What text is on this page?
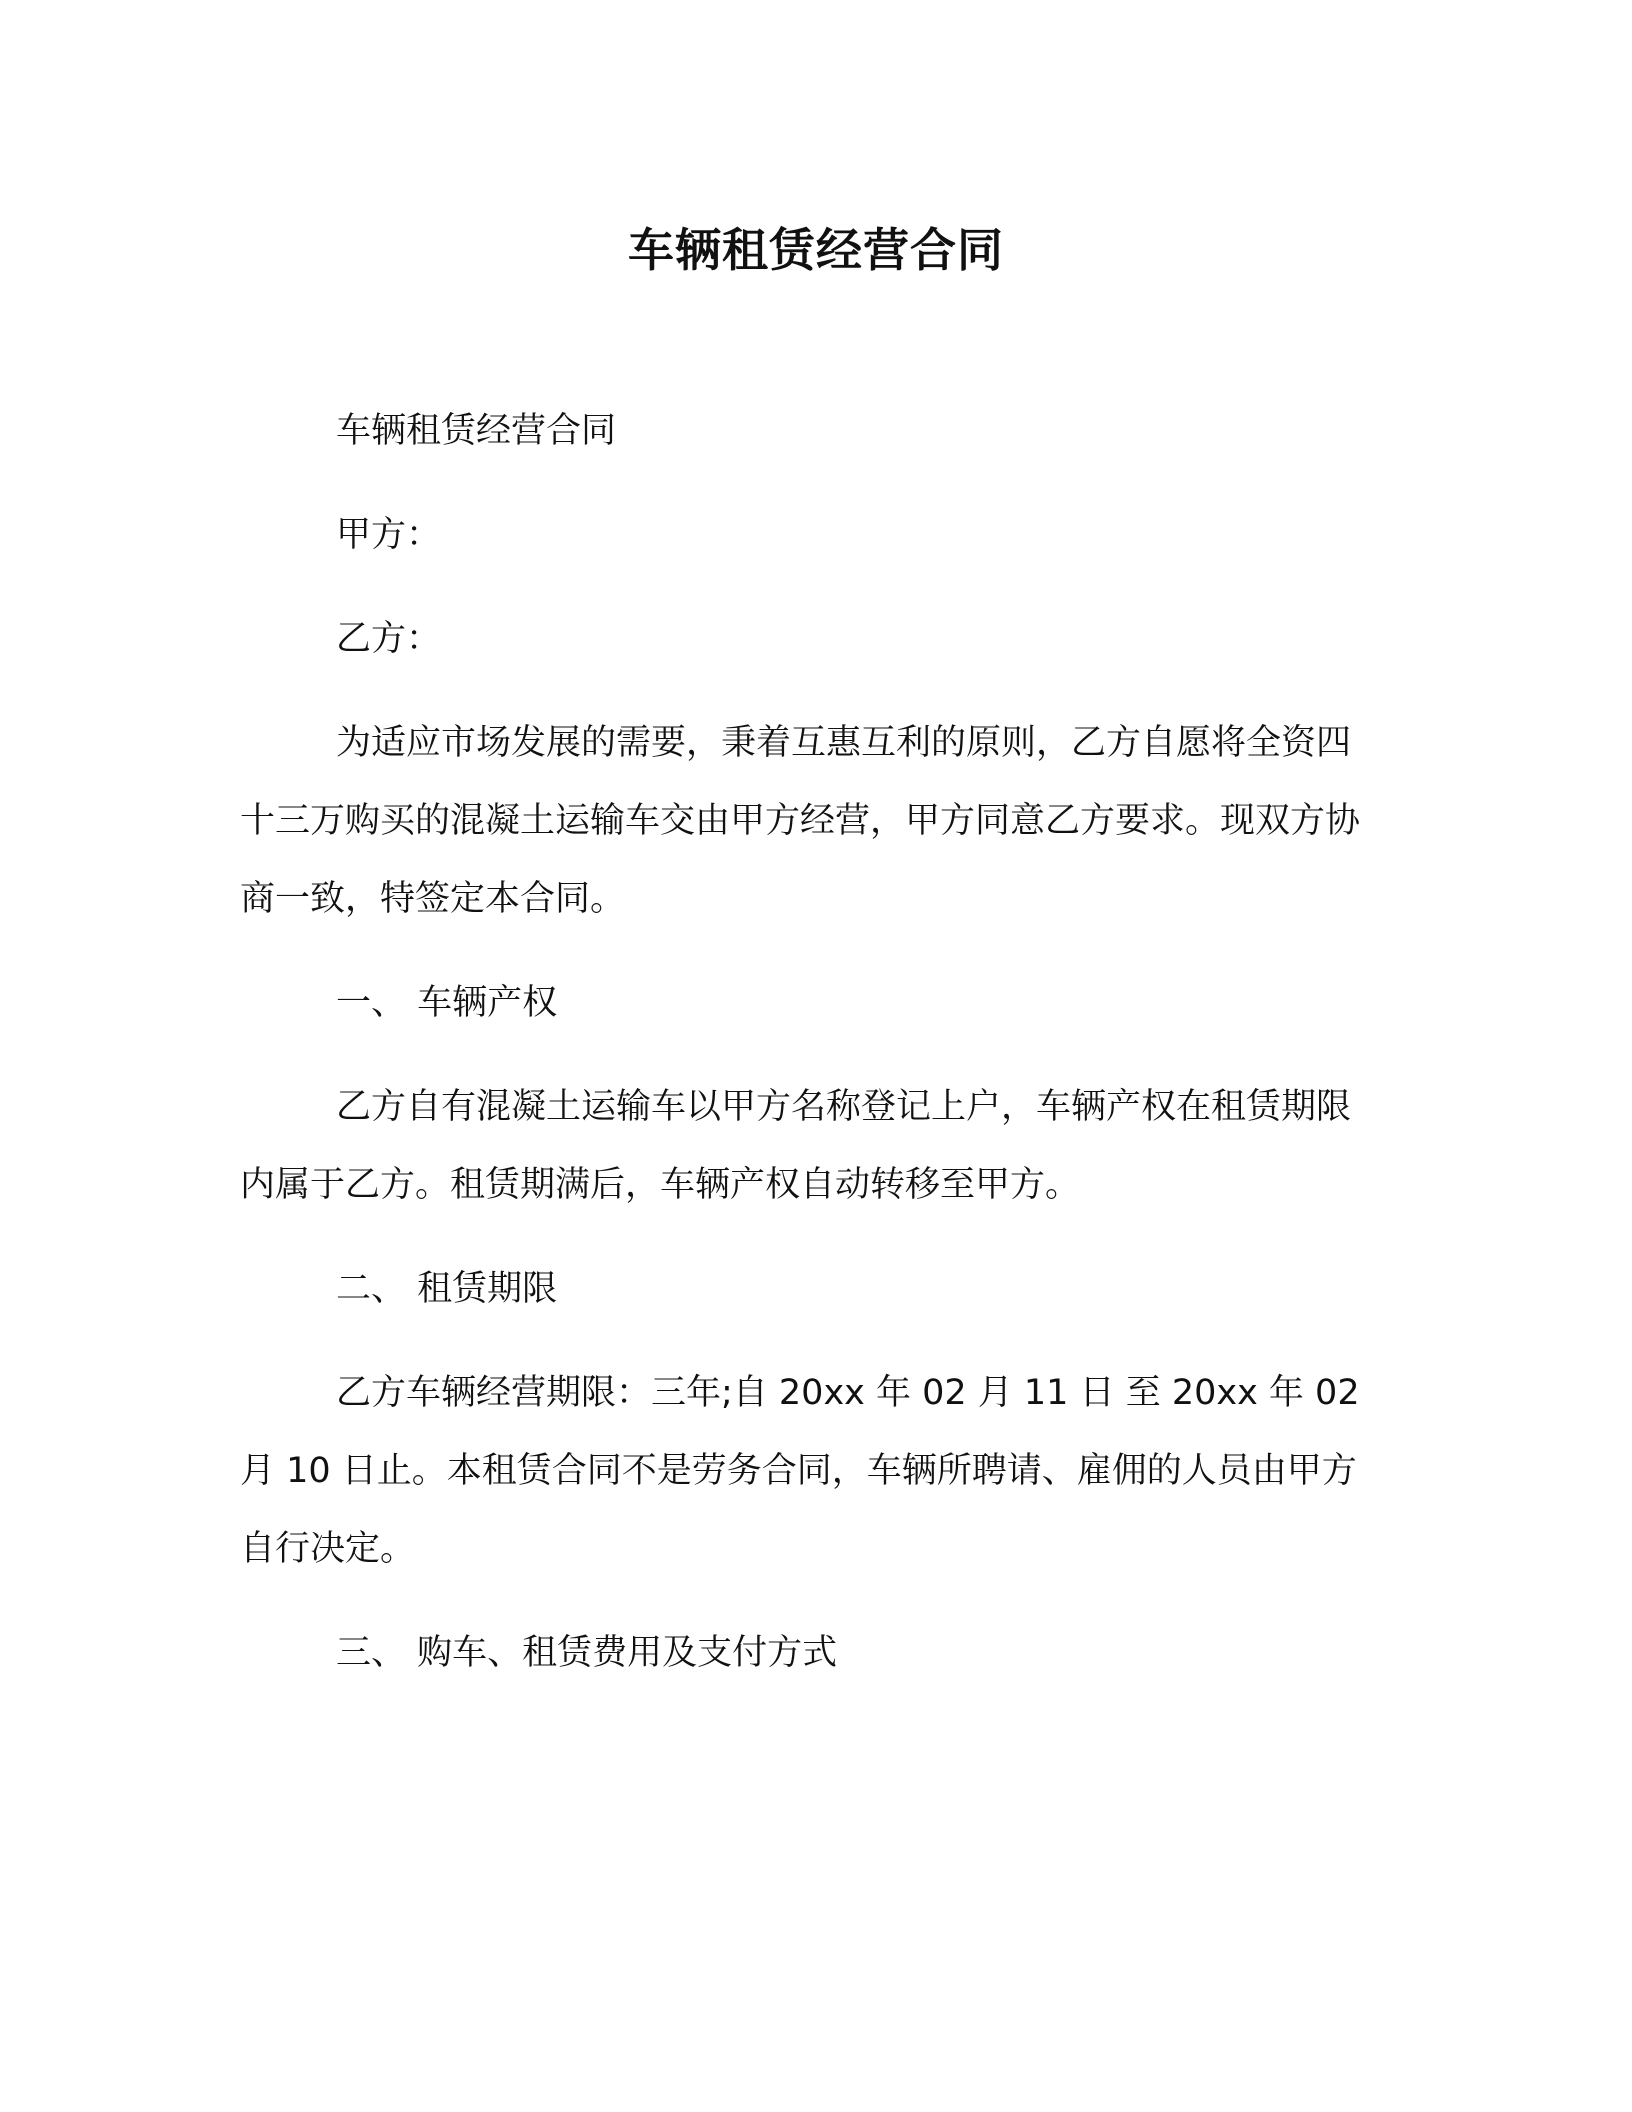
车辆租赁经营合同

车辆租赁经营合同

甲方：

乙方：

为适应市场发展的需要，秉着互惠互利的原则，乙方自愿将全资四十三万购买的混凝土运输车交由甲方经营，甲方同意乙方要求。现双方协商一致，特签定本合同。

一、 车辆产权

乙方自有混凝土运输车以甲方名称登记上户，车辆产权在租赁期限内属于乙方。租赁期满后，车辆产权自动转移至甲方。

二、 租赁期限

乙方车辆经营期限：三年;自 20xx 年 02 月 11 日 至 20xx 年 02 月 10 日止。本租赁合同不是劳务合同，车辆所聘请、雇佣的人员由甲方自行决定。

三、 购车、租赁费用及支付方式
